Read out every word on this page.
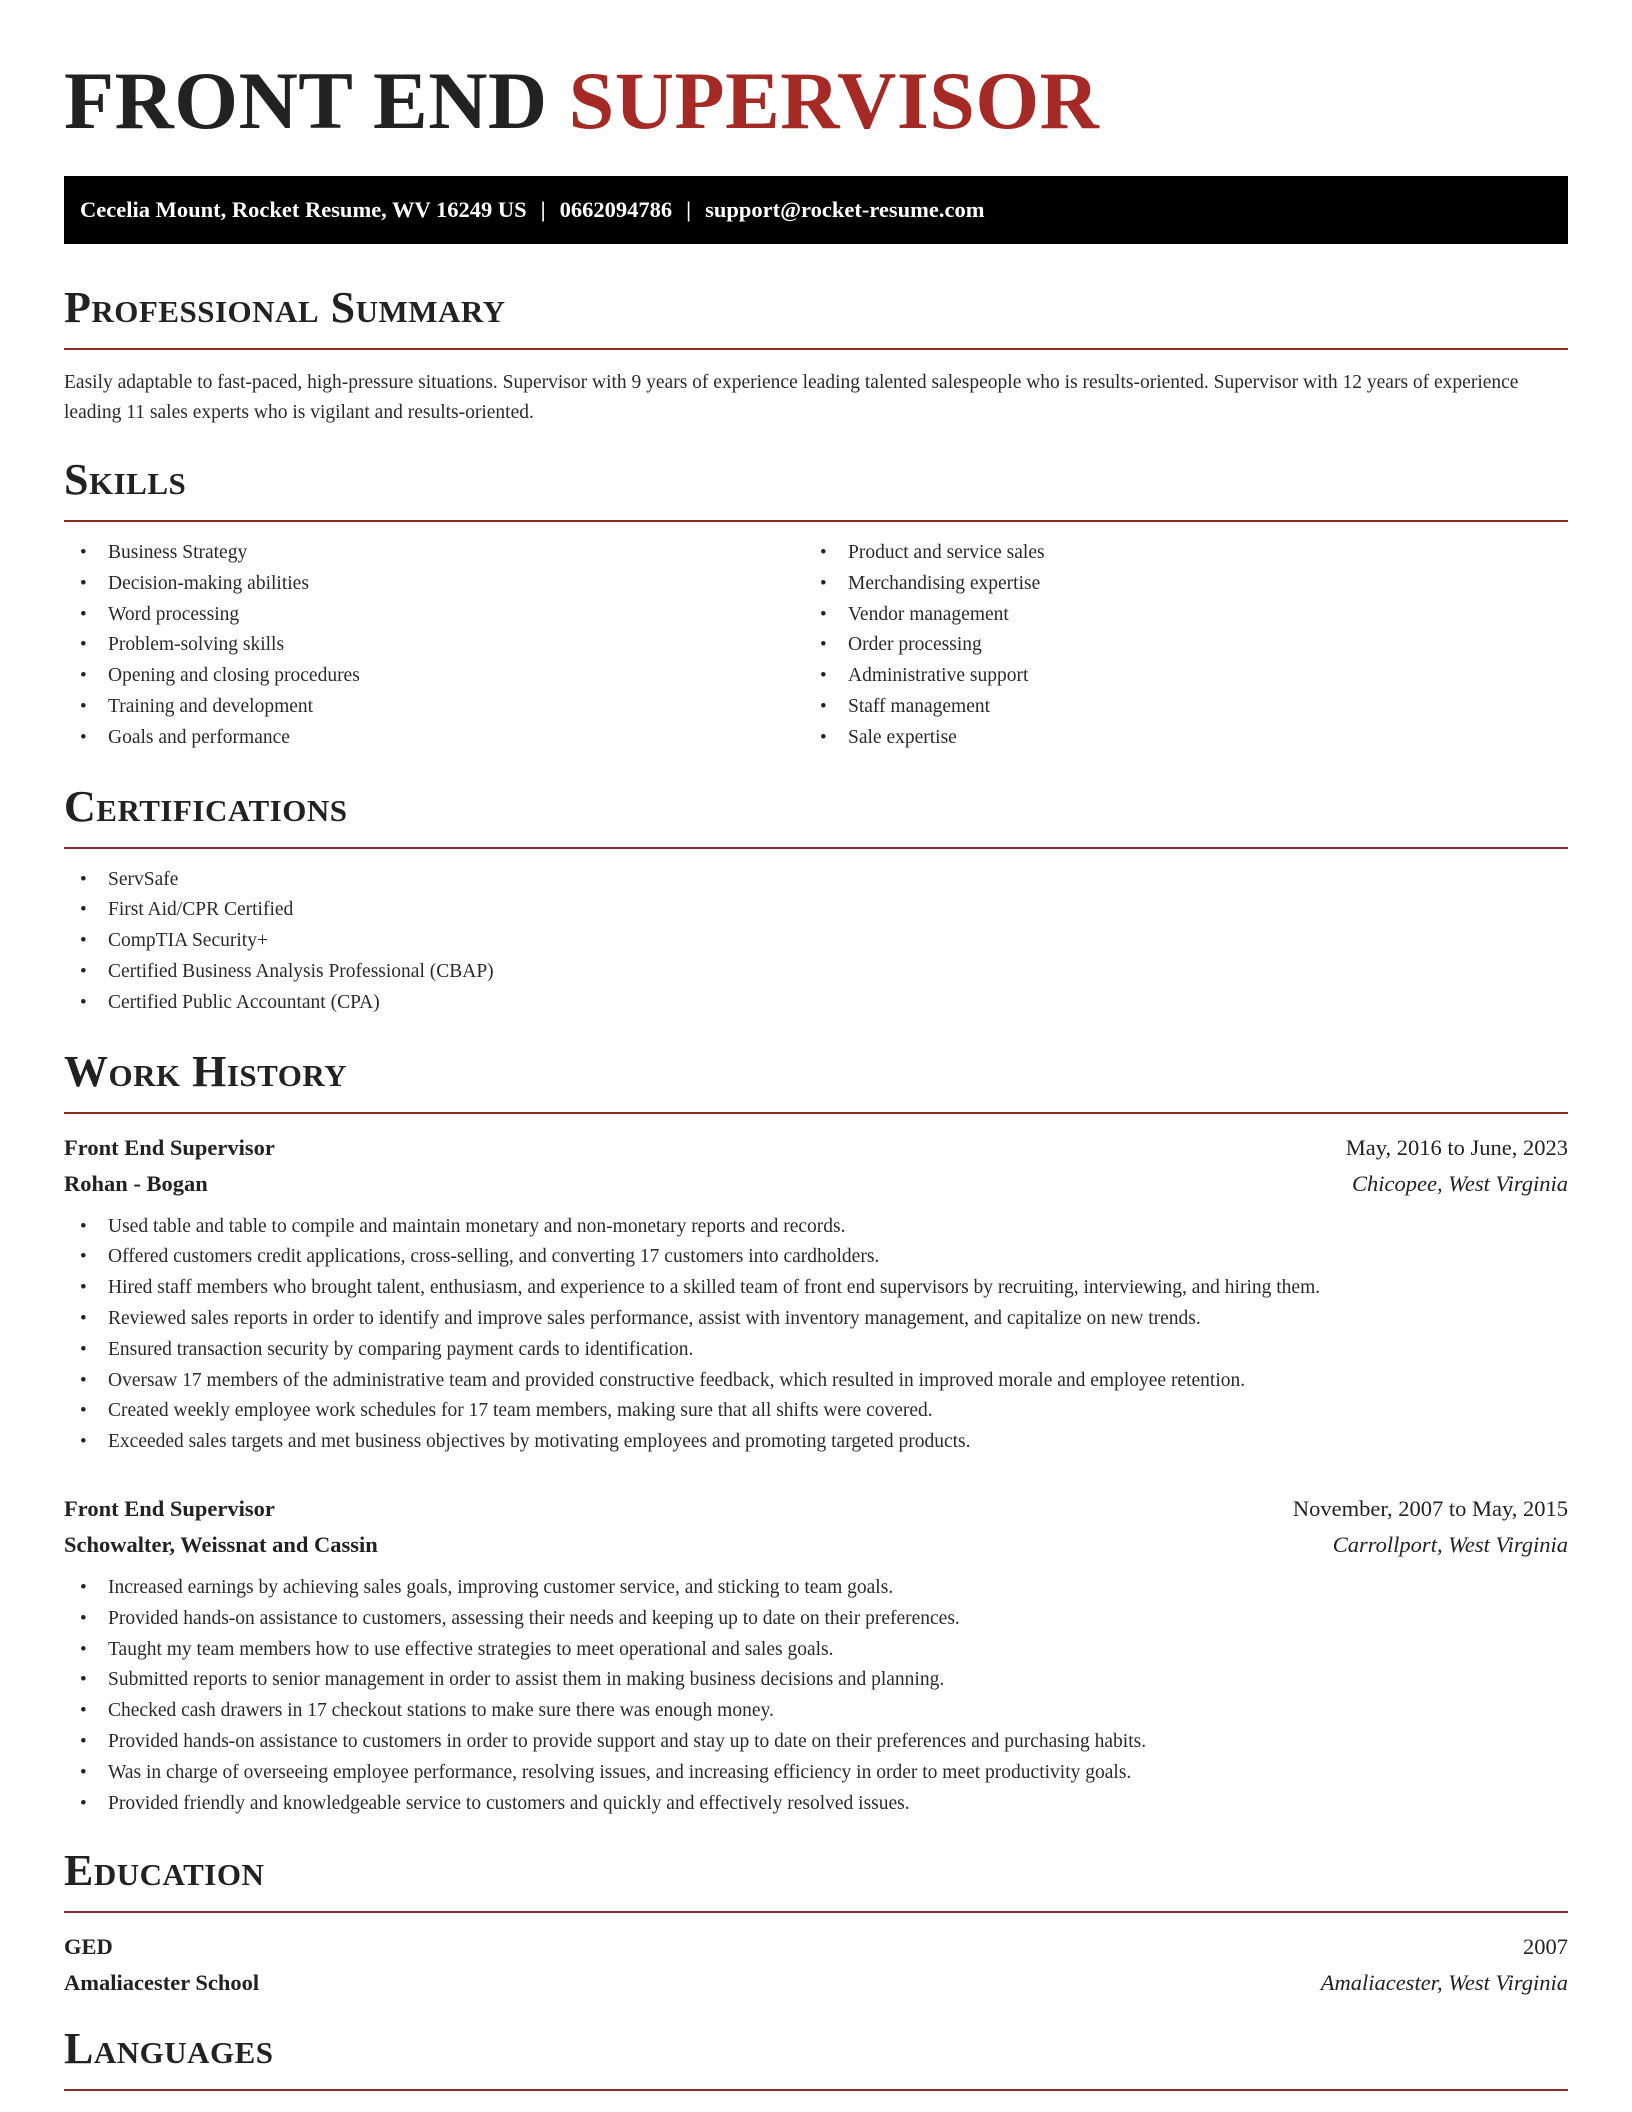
FRONT END SUPERVISOR
Cecelia Mount, Rocket Resume, WV 16249 US | 0662094786 | support@rocket-resume.com
Professional Summary

Easily adaptable to fast-paced, high-pressure situations. Supervisor with 9 years of experience leading talented salespeople who is results-oriented. Supervisor with 12 years of experience leading 11 sales experts who is vigilant and results-oriented.

Skills
• Business Strategy
• Decision-making abilities
• Word processing
• Problem-solving skills
• Opening and closing procedures
• Training and development
• Goals and performance
• Product and service sales
• Merchandising expertise
• Vendor management
• Order processing
• Administrative support
• Staff management
• Sale expertise
Certifications
• ServSafe
• First Aid/CPR Certified
• CompTIA Security+
• Certified Business Analysis Professional (CBAP)
• Certified Public Accountant (CPA)
Work History
Front End Supervisor	May, 2016 to June, 2023
Rohan - Bogan	Chicopee, West Virginia
• Used table and table to compile and maintain monetary and non-monetary reports and records.
• Offered customers credit applications, cross-selling, and converting 17 customers into cardholders.
• Hired staff members who brought talent, enthusiasm, and experience to a skilled team of front end supervisors by recruiting, interviewing, and hiring them.
• Reviewed sales reports in order to identify and improve sales performance, assist with inventory management, and capitalize on new trends.
• Ensured transaction security by comparing payment cards to identification.
• Oversaw 17 members of the administrative team and provided constructive feedback, which resulted in improved morale and employee retention.
• Created weekly employee work schedules for 17 team members, making sure that all shifts were covered.
• Exceeded sales targets and met business objectives by motivating employees and promoting targeted products.
Front End Supervisor	November, 2007 to May, 2015
Schowalter, Weissnat and Cassin	Carrollport, West Virginia
• Increased earnings by achieving sales goals, improving customer service, and sticking to team goals.
• Provided hands-on assistance to customers, assessing their needs and keeping up to date on their preferences.
• Taught my team members how to use effective strategies to meet operational and sales goals.
• Submitted reports to senior management in order to assist them in making business decisions and planning.
• Checked cash drawers in 17 checkout stations to make sure there was enough money.
• Provided hands-on assistance to customers in order to provide support and stay up to date on their preferences and purchasing habits.
• Was in charge of overseeing employee performance, resolving issues, and increasing efficiency in order to meet productivity goals.
• Provided friendly and knowledgeable service to customers and quickly and effectively resolved issues.
Education
GED	2007
Amaliacester School	Amaliacester, West Virginia
Languages
